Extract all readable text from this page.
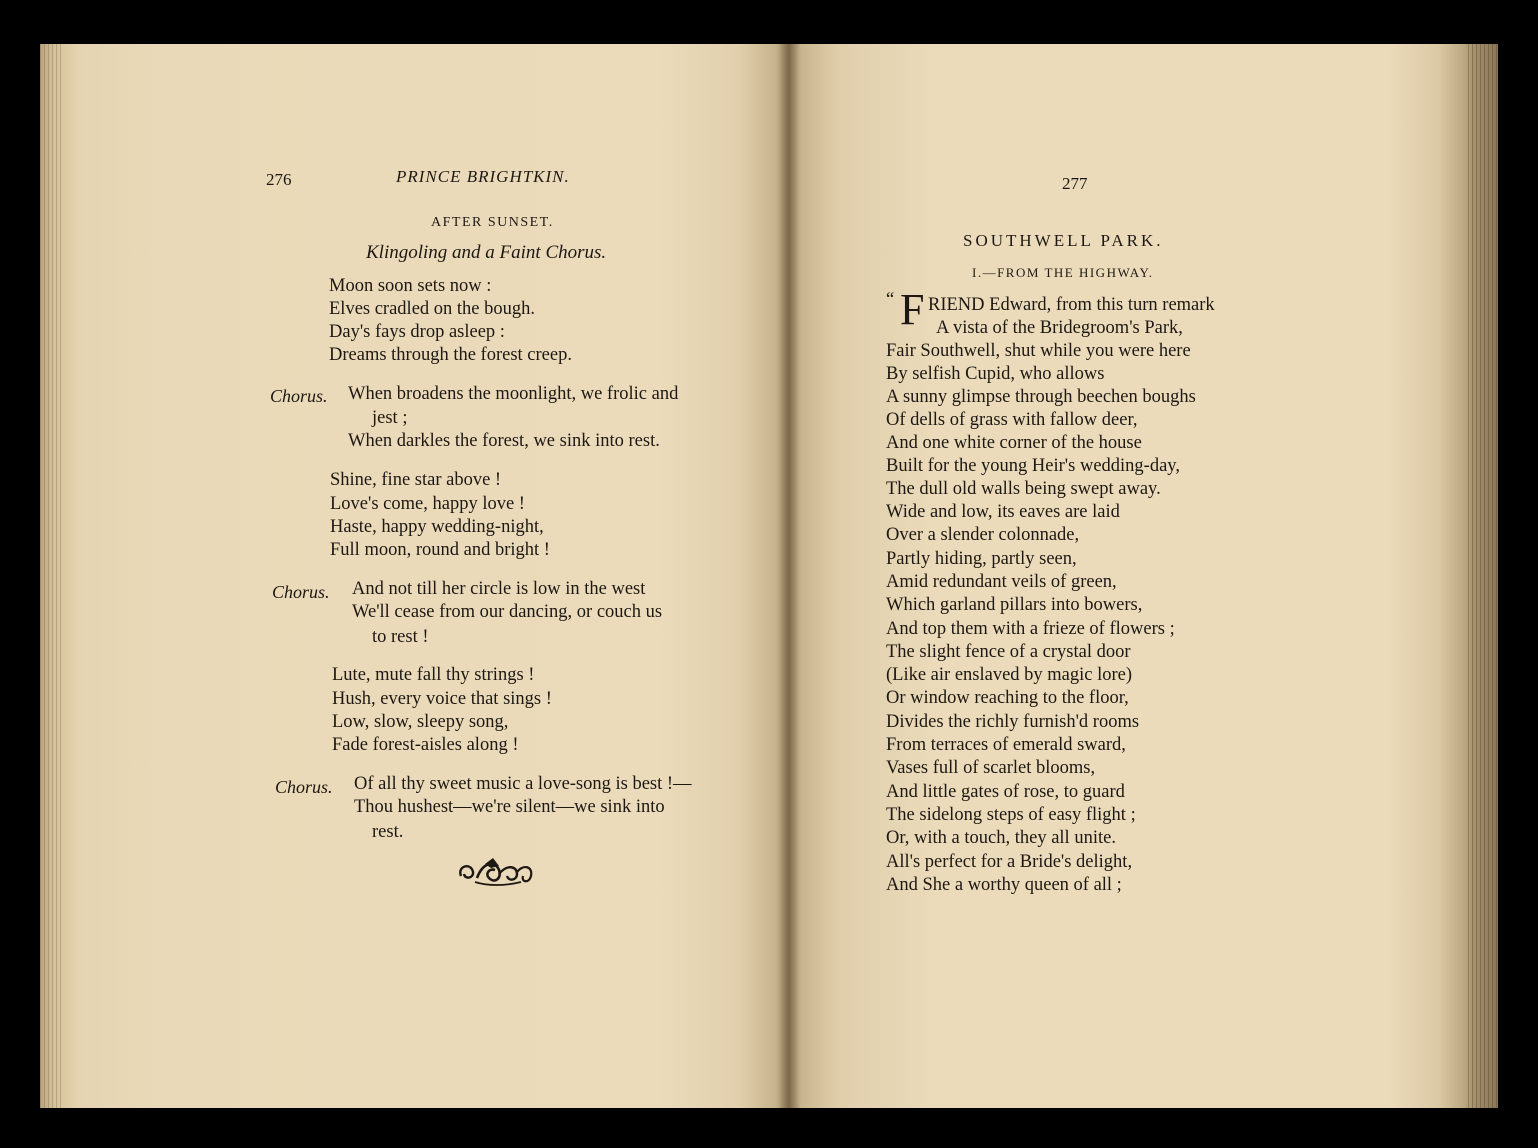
276	PRINCE BRIGHTKIN.
AFTER SUNSET.
Klingoling and a Faint Chorus.
Moon soon sets now :
Elves cradled on the bough.
Day's fays drop asleep :
Dreams through the forest creep.
Chorus. When broadens the moonlight, we frolic and
jest ;
When darkles the forest, we sink into rest.
Shine, fine star above !
Love's come, happy love !
Haste, happy wedding-night,
Full moon, round and bright !
Chorus. And not till her circle is low in the west
We'll cease from our dancing, or couch us
to rest !
Lute, mute fall thy strings !
Hush, every voice that sings !
Low, slow, sleepy song,
Fade forest-aisles along !
Chorus. Of all thy sweet music a love-song is best !—
Thou hushest—we're silent—we sink into
rest.
277
SOUTHWELL PARK.
I.—FROM THE HIGHWAY.
“ F RIEND Edward, from this turn remark
A vista of the Bridegroom's Park,
Fair Southwell, shut while you were here
By selfish Cupid, who allows
A sunny glimpse through beechen boughs
Of dells of grass with fallow deer,
And one white corner of the house
Built for the young Heir's wedding-day,
The dull old walls being swept away.
Wide and low, its eaves are laid
Over a slender colonnade,
Partly hiding, partly seen,
Amid redundant veils of green,
Which garland pillars into bowers,
And top them with a frieze of flowers ;
The slight fence of a crystal door
(Like air enslaved by magic lore)
Or window reaching to the floor,
Divides the richly furnish'd rooms
From terraces of emerald sward,
Vases full of scarlet blooms,
And little gates of rose, to guard
The sidelong steps of easy flight ;
Or, with a touch, they all unite.
All's perfect for a Bride's delight,
And She a worthy queen of all ;
